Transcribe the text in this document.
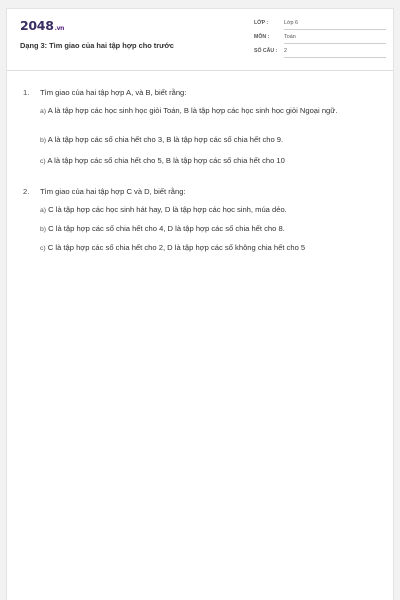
2048.vn
Dạng 3: Tìm giao của hai tập hợp cho trước
LỚP :	Lớp 6
MÔN :	Toán
SỐ CÂU : 2
1. Tìm giao của hai tập hợp A, và B, biết rằng:
a) A là tập hợp các học sinh học giỏi Toán, B là tập hợp các học sinh học giỏi Ngoại ngữ.
b) A là tập hợp các số chia hết cho 3, B là tập hợp các số chia hết cho 9.
c) A là tập hợp các số chia hết cho 5, B là tập hợp các số chia hết cho 10
2. Tìm giao của hai tập hợp C và D, biết rằng:
a) C là tập hợp các học sinh hát hay, D là tập hợp các học sinh, múa dẻo.
b) C là tập hợp các số chia hết cho 4, D là tập hợp các số chia hết cho 8.
c) C là tập hợp các số chia hết cho 2, D là tập hợp các số không chia hết cho 5
